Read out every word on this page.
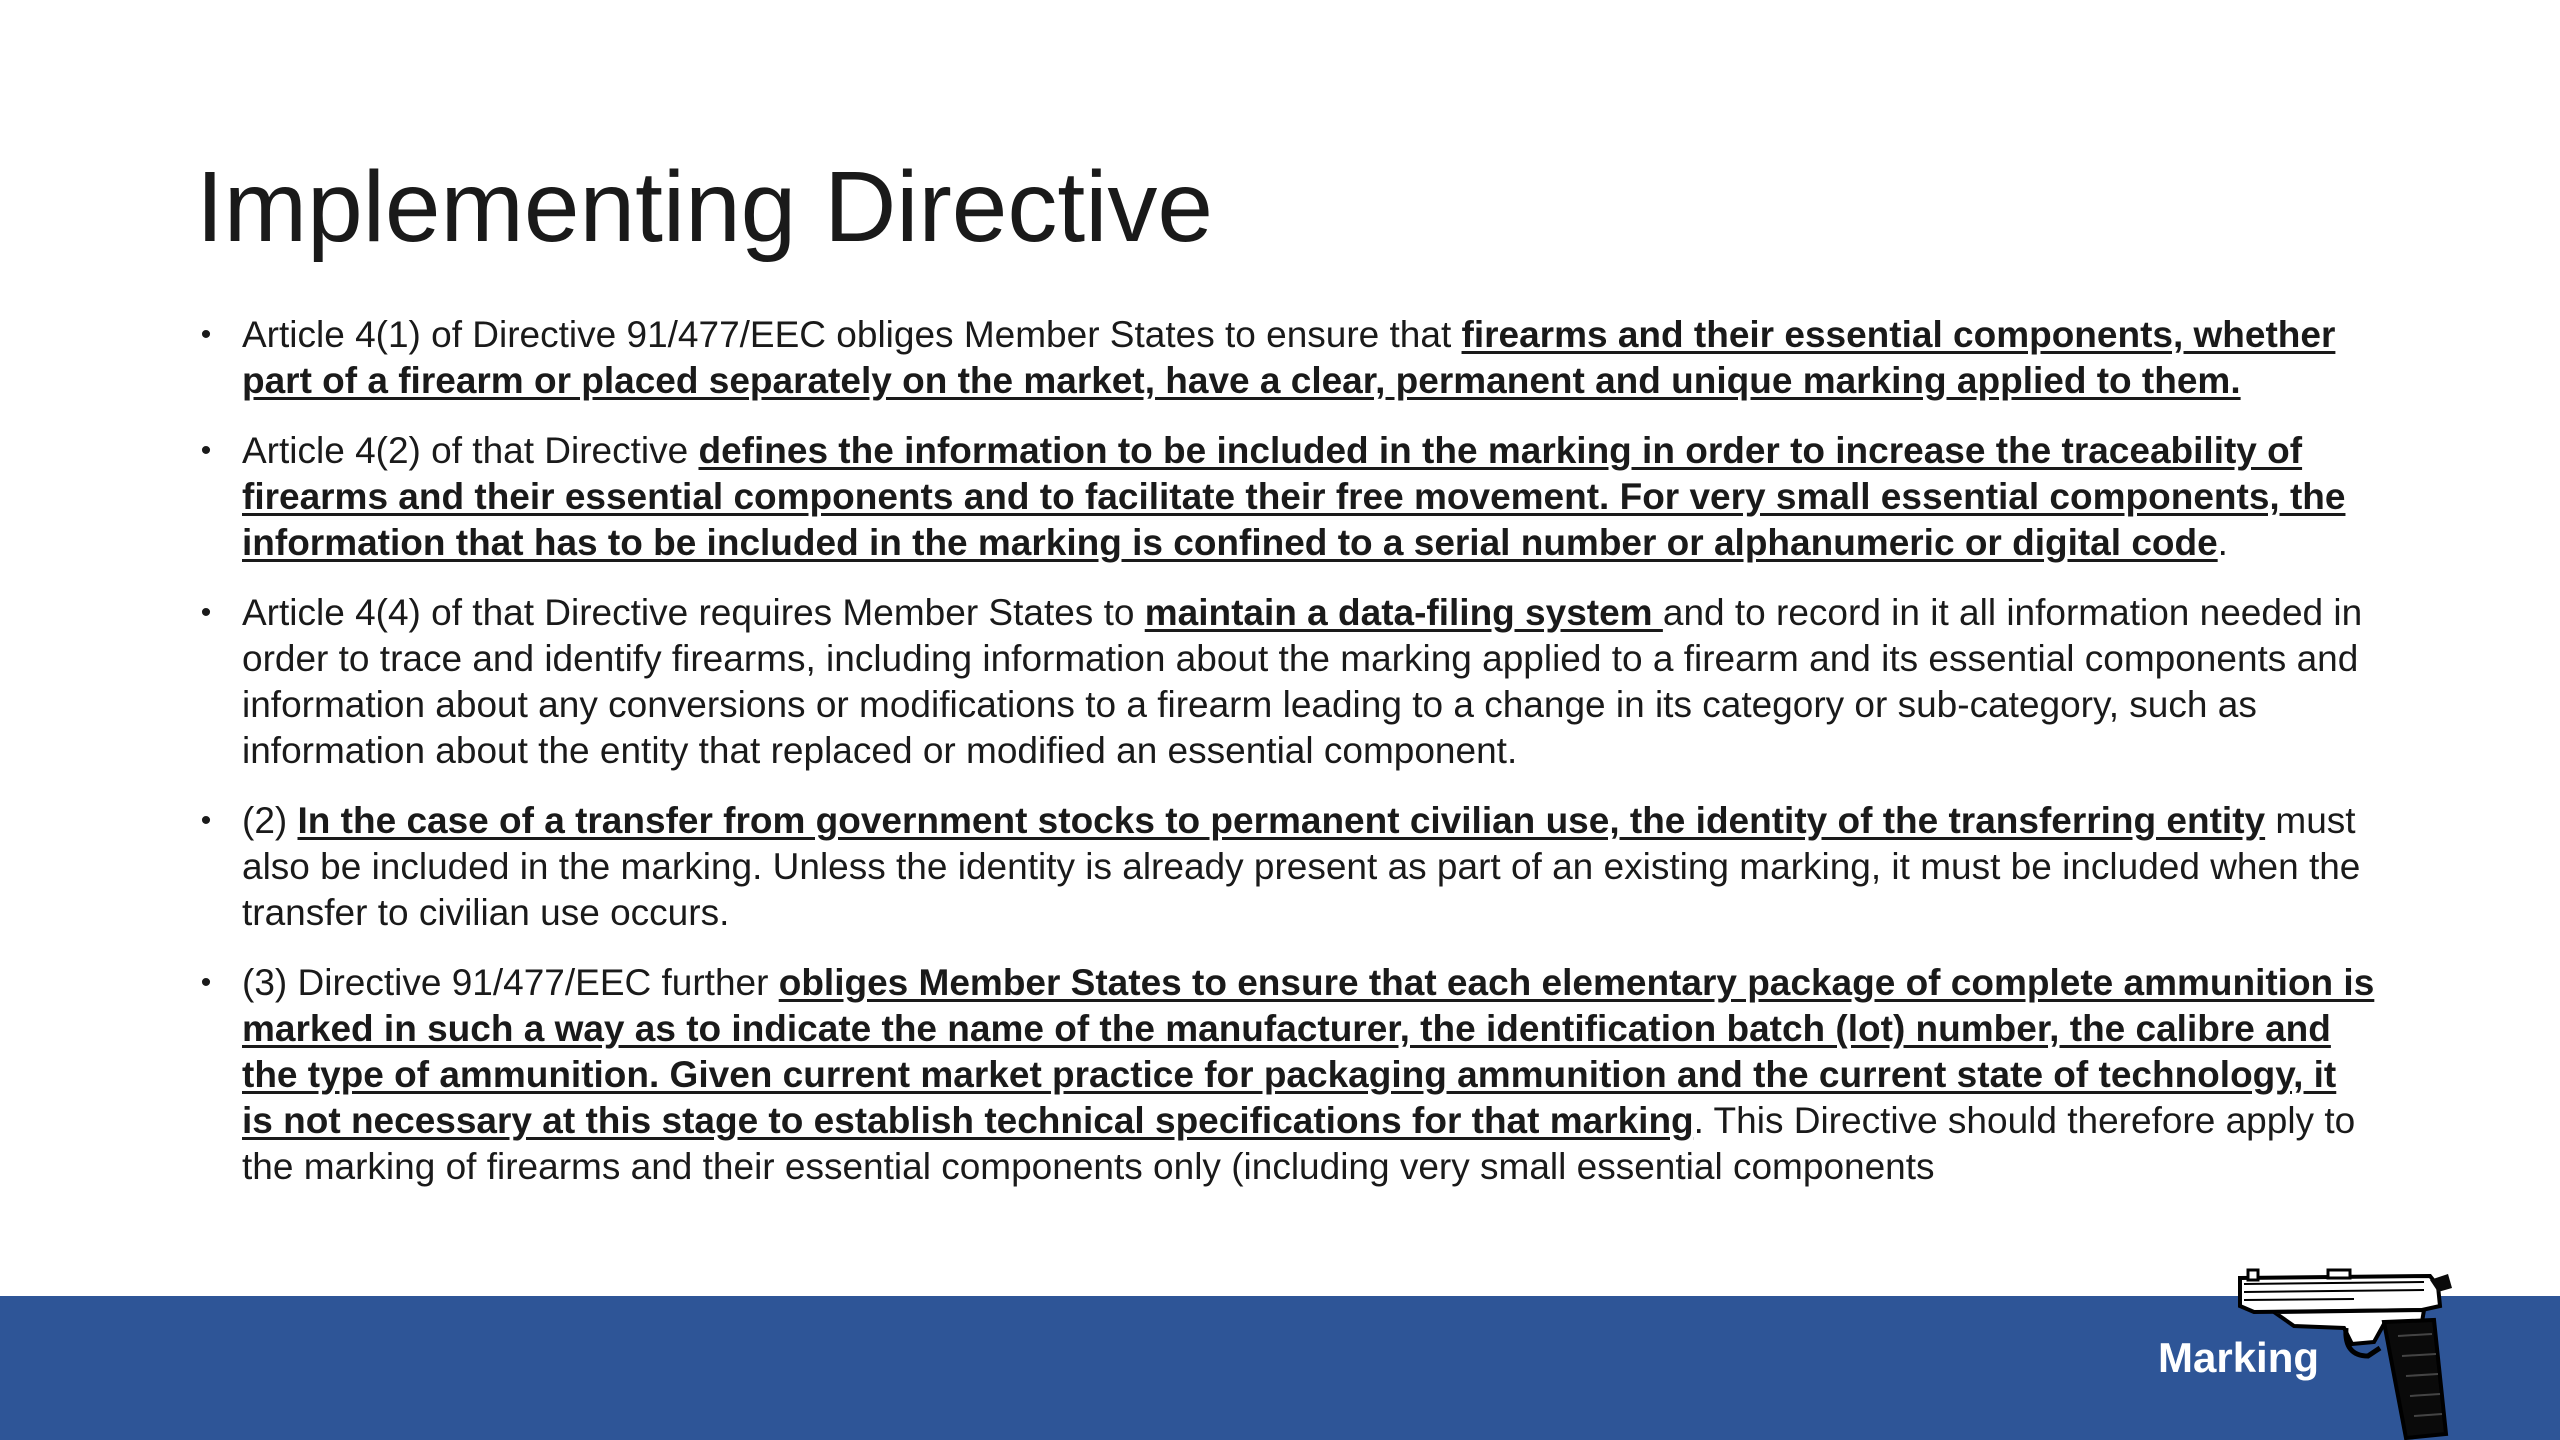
Implementing Directive
• Article 4(1) of Directive 91/477/EEC obliges Member States to ensure that firearms and their essential components, whether part of a firearm or placed separately on the market, have a clear, permanent and unique marking applied to them.
• Article 4(2) of that Directive defines the information to be included in the marking in order to increase the traceability of firearms and their essential components and to facilitate their free movement. For very small essential components, the information that has to be included in the marking is confined to a serial number or alphanumeric or digital code.
• Article 4(4) of that Directive requires Member States to maintain a data-filing system and to record in it all information needed in order to trace and identify firearms, including information about the marking applied to a firearm and its essential components and information about any conversions or modifications to a firearm leading to a change in its category or sub-category, such as information about the entity that replaced or modified an essential component.
• (2) In the case of a transfer from government stocks to permanent civilian use, the identity of the transferring entity must also be included in the marking. Unless the identity is already present as part of an existing marking, it must be included when the transfer to civilian use occurs.
• (3) Directive 91/477/EEC further obliges Member States to ensure that each elementary package of complete ammunition is marked in such a way as to indicate the name of the manufacturer, the identification batch (lot) number, the calibre and the type of ammunition. Given current market practice for packaging ammunition and the current state of technology, it is not necessary at this stage to establish technical specifications for that marking. This Directive should therefore apply to the marking of firearms and their essential components only (including very small essential components
Marking
